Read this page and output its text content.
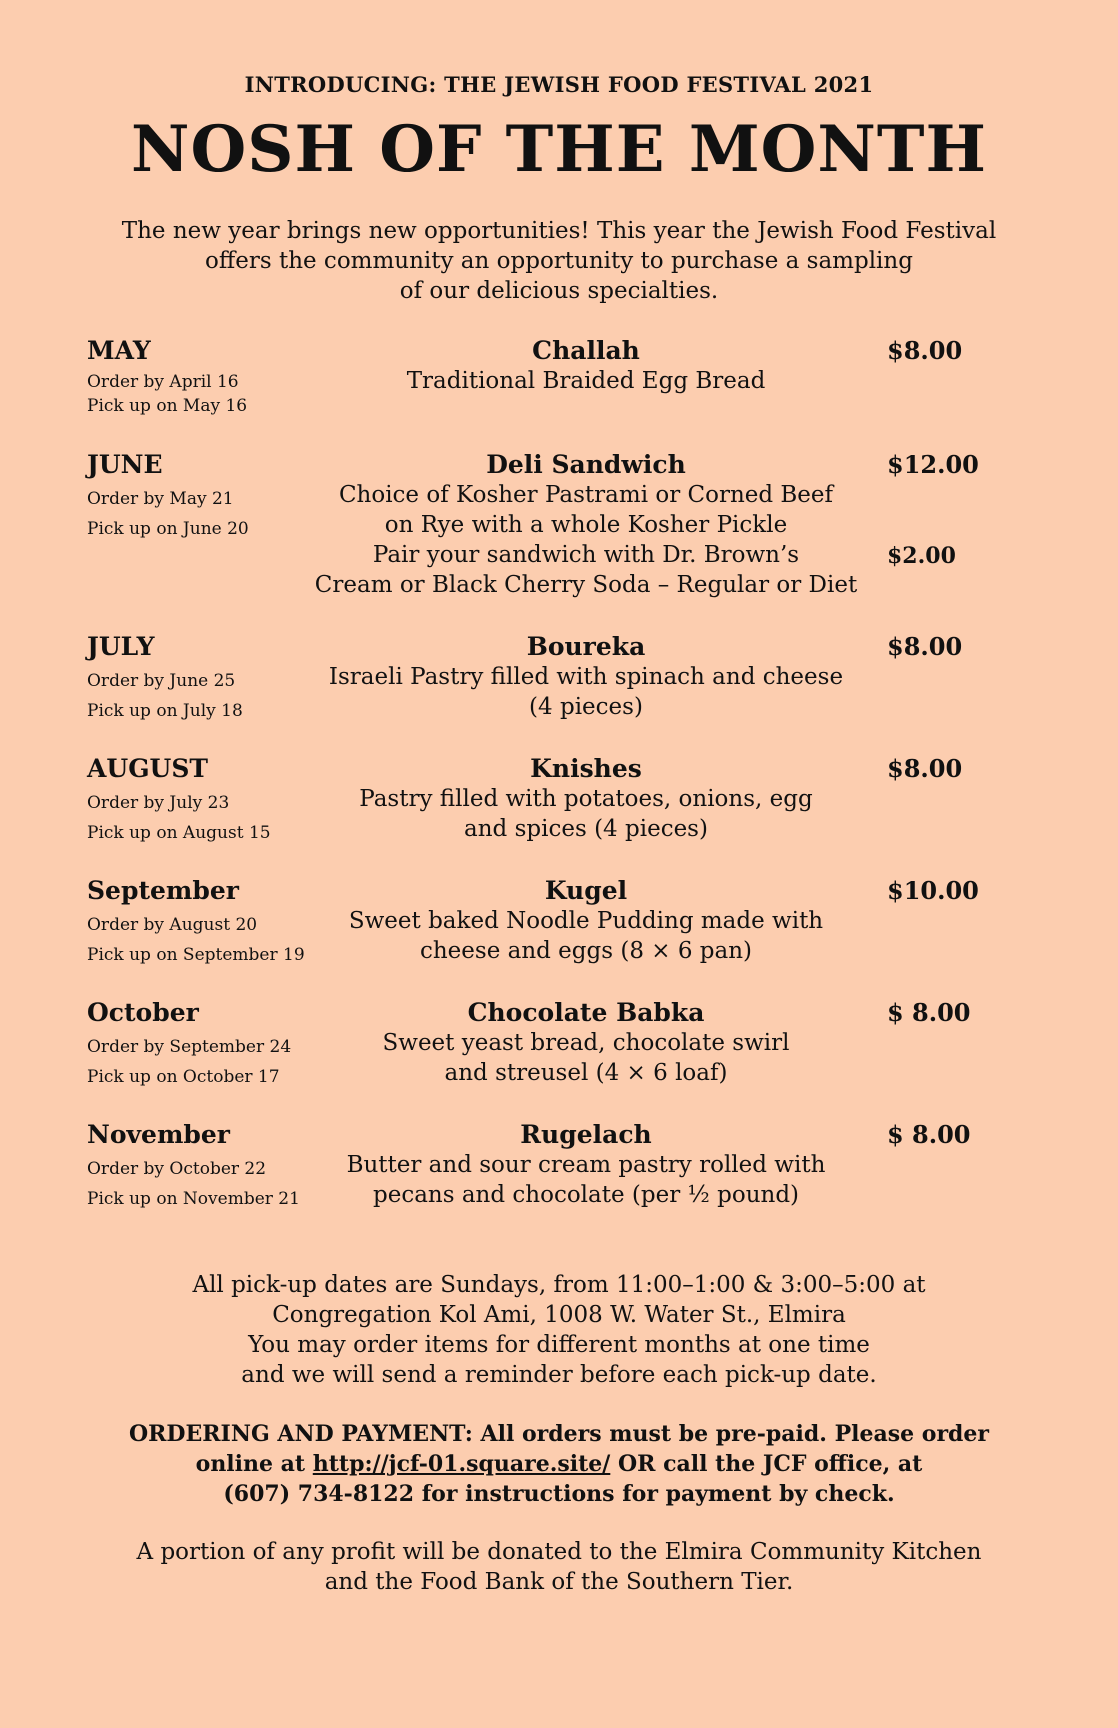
INTRODUCING: THE JEWISH FOOD FESTIVAL 2021
NOSH OF THE MONTH
The new year brings new opportunities! This year the Jewish Food Festival
offers the community an opportunity to purchase a sampling
of our delicious specialties.
MAY
Order by April 16
Pick up on May 16
Challah
Traditional Braided Egg Bread
$8.00
JUNE
Order by May 21
Pick up on June 20
Deli Sandwich
Choice of Kosher Pastrami or Corned Beef
on Rye with a whole Kosher Pickle
Pair your sandwich with Dr. Brown’s
Cream or Black Cherry Soda – Regular or Diet
$12.00
$2.00
JULY
Order by June 25
Pick up on July 18
Boureka
Israeli Pastry filled with spinach and cheese
(4 pieces)
$8.00
AUGUST
Order by July 23
Pick up on August 15
Knishes
Pastry filled with potatoes, onions, egg
and spices (4 pieces)
$8.00
September
Order by August 20
Pick up on September 19
Kugel
Sweet baked Noodle Pudding made with
cheese and eggs (8 × 6 pan)
$10.00
October
Order by September 24
Pick up on October 17
Chocolate Babka
Sweet yeast bread, chocolate swirl
and streusel (4 × 6 loaf)
$ 8.00
November
Order by October 22
Pick up on November 21
Rugelach
Butter and sour cream pastry rolled with
pecans and chocolate (per ½ pound)
$ 8.00
All pick-up dates are Sundays, from 11:00–1:00 & 3:00–5:00 at
Congregation Kol Ami, 1008 W. Water St., Elmira
You may order items for different months at one time
and we will send a reminder before each pick-up date.
ORDERING AND PAYMENT: All orders must be pre-paid. Please order
online at http://jcf-01.square.site/ OR call the JCF office, at
(607) 734-8122 for instructions for payment by check.
A portion of any profit will be donated to the Elmira Community Kitchen
and the Food Bank of the Southern Tier.
